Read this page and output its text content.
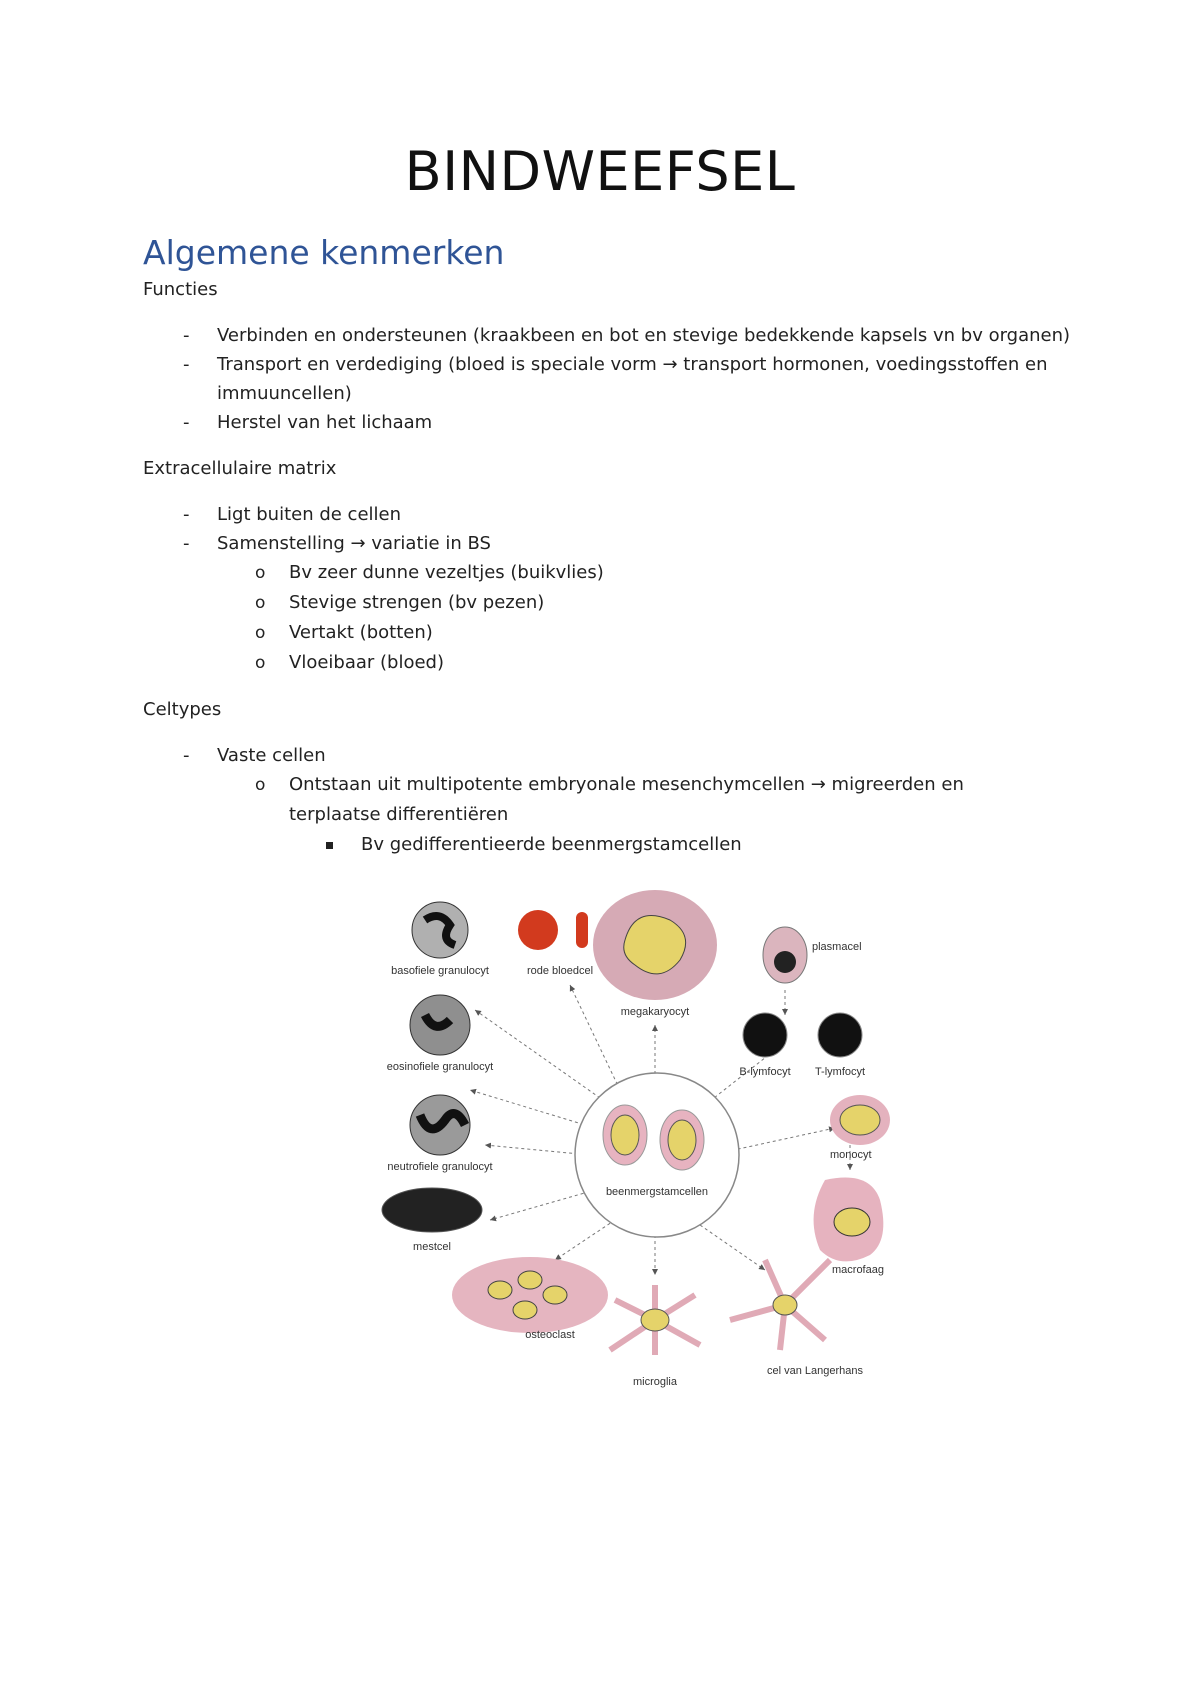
BINDWEEFSEL
Algemene kenmerken

Functies

- Verbinden en ondersteunen (kraakbeen en bot en stevige bedekkende kapsels vn bv organen)

- Transport en verdediging (bloed is speciale vorm → transport hormonen, voedingsstoffen en

immuuncellen)

- Herstel van het lichaam

Extracellulaire matrix

- Ligt buiten de cellen

- Samenstelling → variatie in BS

o Bv zeer dunne vezeltjes (buikvlies)

o Stevige strengen (bv pezen)

o Vertakt (botten)

o Vloeibaar (bloed)

Celtypes

- Vaste cellen

o Ontstaan uit multipotente embryonale mesenchymcellen → migreerden en

terplaatse differentiëren

Bv gedifferentieerde beenmergstamcellen

beenmergstamcellen
basofiele granulocyt	rode bloedcel
megakaryocyt
plasmacel
eosinofiele granulocyt	B-lymfocyt T-lymfocyt
neutrofiele granulocyt
monocyt
mestcel
macrofaag
osteoclast
microglia
cel van Langerhans
